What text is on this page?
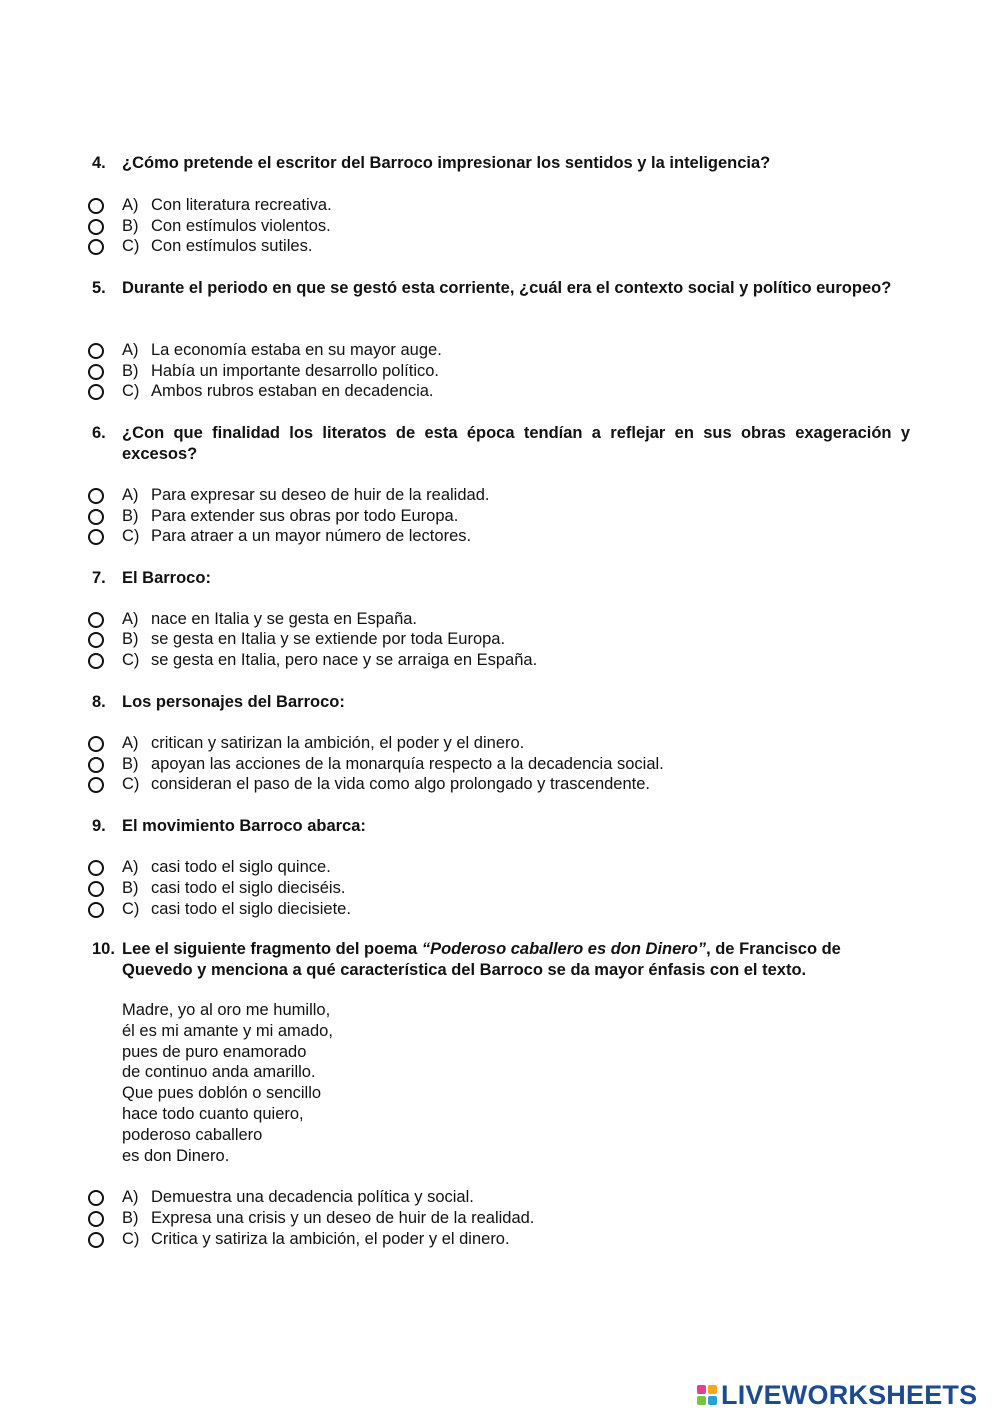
4. ¿Cómo pretende el escritor del Barroco impresionar los sentidos y la inteligencia?
A) Con literatura recreativa.
B) Con estímulos violentos.
C) Con estímulos sutiles.
5. Durante el periodo en que se gestó esta corriente, ¿cuál era el contexto social y político europeo?
A) La economía estaba en su mayor auge.
B) Había un importante desarrollo político.
C) Ambos rubros estaban en decadencia.
6. ¿Con que finalidad los literatos de esta época tendían a reflejar en sus obras exageración y excesos?
A) Para expresar su deseo de huir de la realidad.
B) Para extender sus obras por todo Europa.
C) Para atraer a un mayor número de lectores.
7. El Barroco:
A) nace en Italia y se gesta en España.
B) se gesta en Italia y se extiende por toda Europa.
C) se gesta en Italia, pero nace y se arraiga en España.
8. Los personajes del Barroco:
A) critican y satirizan la ambición, el poder y el dinero.
B) apoyan las acciones de la monarquía respecto a la decadencia social.
C) consideran el paso de la vida como algo prolongado y trascendente.
9. El movimiento Barroco abarca:
A) casi todo el siglo quince.
B) casi todo el siglo dieciséis.
C) casi todo el siglo diecisiete.
10. Lee el siguiente fragmento del poema “Poderoso caballero es don Dinero”, de Francisco de Quevedo y menciona a qué característica del Barroco se da mayor énfasis con el texto.
Madre, yo al oro me humillo,
él es mi amante y mi amado,
pues de puro enamorado
de continuo anda amarillo.
Que pues doblón o sencillo
hace todo cuanto quiero,
poderoso caballero
es don Dinero.
A) Demuestra una decadencia política y social.
B) Expresa una crisis y un deseo de huir de la realidad.
C) Critica y satiriza la ambición, el poder y el dinero.
LIVEWORKSHEETS
